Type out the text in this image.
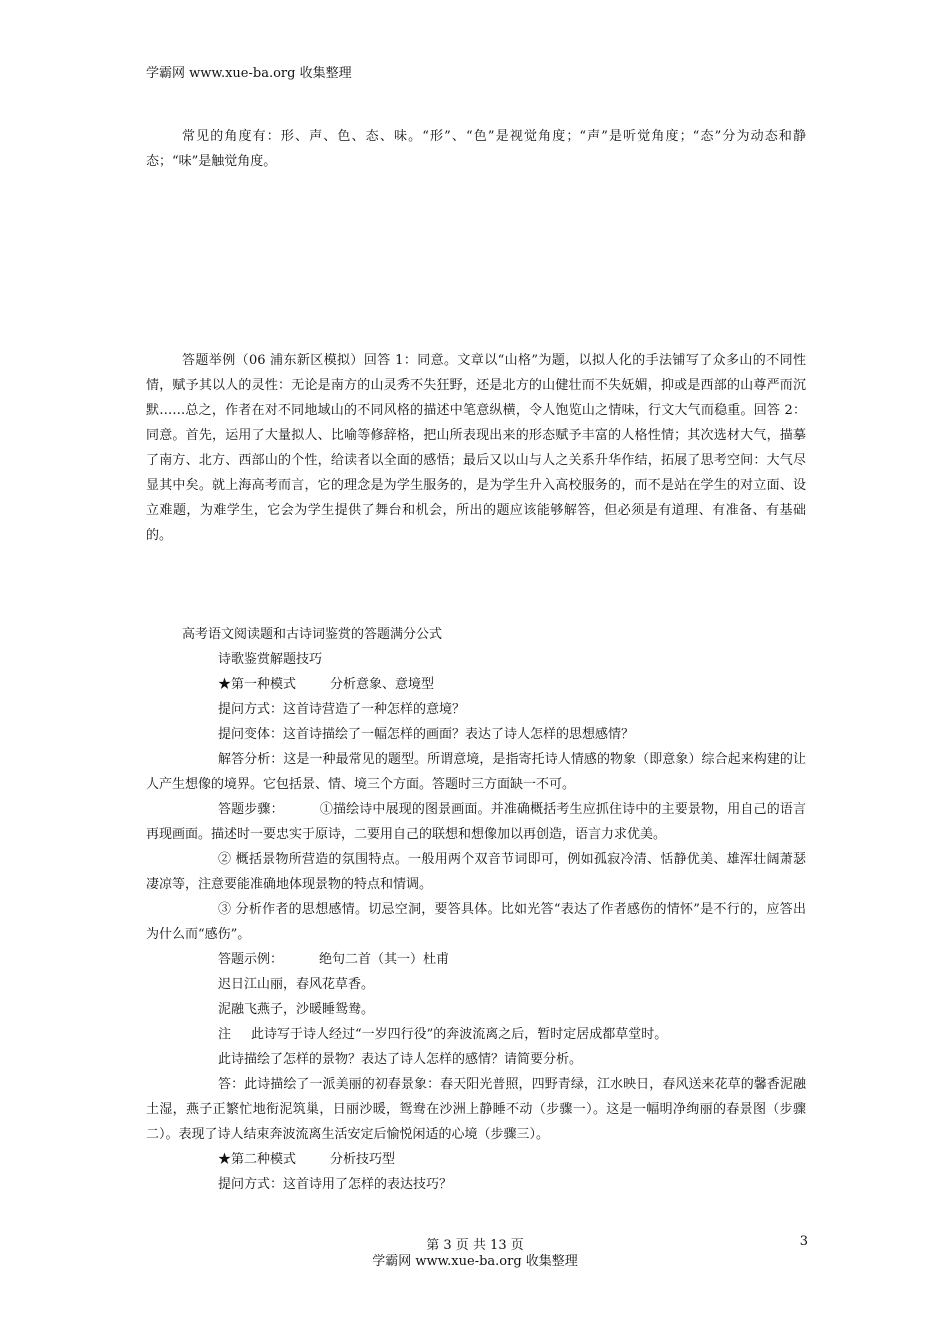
学霸网 www.xue-ba.org 收集整理

常见的角度有：形、声、色、态、味。“形”、“色”是视觉角度；“声”是听觉角度；“态”分为动态和静态；“味”是触觉角度。

答题举例（06 浦东新区模拟）回答 1：同意。文章以“山格”为题，以拟人化的手法铺写了众多山的不同性情，赋予其以人的灵性：无论是南方的山灵秀不失狂野，还是北方的山健壮而不失妩媚，抑或是西部的山尊严而沉默……总之，作者在对不同地域山的不同风格的描述中笔意纵横，令人饱览山之情味，行文大气而稳重。回答 2：同意。首先，运用了大量拟人、比喻等修辞格，把山所表现出来的形态赋予丰富的人格性情；其次选材大气，描摹了南方、北方、西部山的个性，给读者以全面的感悟；最后又以山与人之关系升华作结，拓展了思考空间：大气尽显其中矣。就上海高考而言，它的理念是为学生服务的，是为学生升入高校服务的，而不是站在学生的对立面、设立难题，为难学生，它会为学生提供了舞台和机会，所出的题应该能够解答，但必须是有道理、有准备、有基础的。

高考语文阅读题和古诗词鉴赏的答题满分公式

诗歌鉴赏解题技巧

★第一种模式	分析意象、意境型

提问方式：这首诗营造了一种怎样的意境？

提问变体：这首诗描绘了一幅怎样的画面？表达了诗人怎样的思想感情？

解答分析：这是一种最常见的题型。所谓意境，是指寄托诗人情感的物象（即意象）综合起来构建的让人产生想像的境界。它包括景、情、境三个方面。答题时三方面缺一不可。

答题步骤：	①描绘诗中展现的图景画面。并准确概括考生应抓住诗中的主要景物，用自己的语言再现画面。描述时一要忠实于原诗，二要用自己的联想和想像加以再创造，语言力求优美。

② 概括景物所营造的氛围特点。一般用两个双音节词即可，例如孤寂冷清、恬静优美、雄浑壮阔萧瑟凄凉等，注意要能准确地体现景物的特点和情调。

③ 分析作者的思想感情。切忌空洞，要答具体。比如光答“表达了作者感伤的情怀”是不行的，应答出为什么而“感伤”。

答题示例：	绝句二首（其一）杜甫

迟日江山丽，春风花草香。

泥融飞燕子，沙暖睡鸳鸯。

注 此诗写于诗人经过“一岁四行役”的奔波流离之后，暂时定居成都草堂时。

此诗描绘了怎样的景物？表达了诗人怎样的感情？请简要分析。

答：此诗描绘了一派美丽的初春景象：春天阳光普照，四野青绿，江水映日，春风送来花草的馨香泥融土湿，燕子正繁忙地衔泥筑巢，日丽沙暖，鸳鸯在沙洲上静睡不动（步骤一）。这是一幅明净绚丽的春景图（步骤二）。表现了诗人结束奔波流离生活安定后愉悦闲适的心境（步骤三）。

★第二种模式	分析技巧型

提问方式：这首诗用了怎样的表达技巧？

第 3 页 共 13 页	3
学霸网 www.xue-ba.org 收集整理
